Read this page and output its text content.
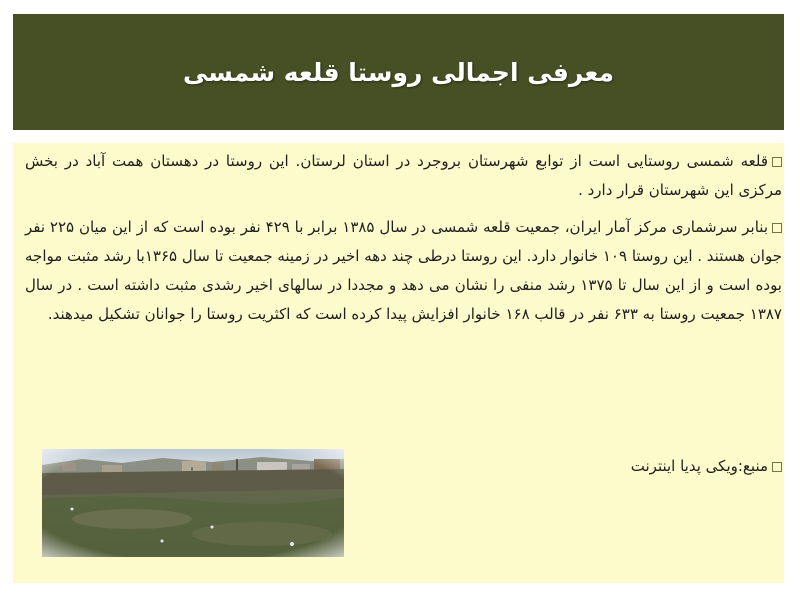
معرفی اجمالی روستا قلعه شمسی

قلعه شمسی روستایی است از توابع شهرستان بروجرد در استان لرستان. این روستا در دهستان همت آباد در بخش مرکزی این شهرستان قرار دارد .

بنابر سرشماری مرکز آمار ایران، جمعیت قلعه شمسی در سال ۱۳۸۵ برابر با ۴۲۹ نفر بوده است که از این میان ۲۲۵ نفر جوان هستند . این روستا ۱۰۹ خانوار دارد. این روستا درطی چند دهه اخیر در زمینه جمعیت تا سال ۱۳۶۵با رشد مثبت مواجه بوده است و از این سال تا ۱۳۷۵ رشد منفی را نشان می دهد و مجددا در سالهای اخیر رشدی مثبت داشته است . در سال ۱۳۸۷ جمعیت روستا به ۶۳۳ نفر در قالب ۱۶۸ خانوار افزایش پیدا کرده است که اکثریت روستا را جوانان تشکیل میدهند.

منبع:ویکی پدیا اینترنت
